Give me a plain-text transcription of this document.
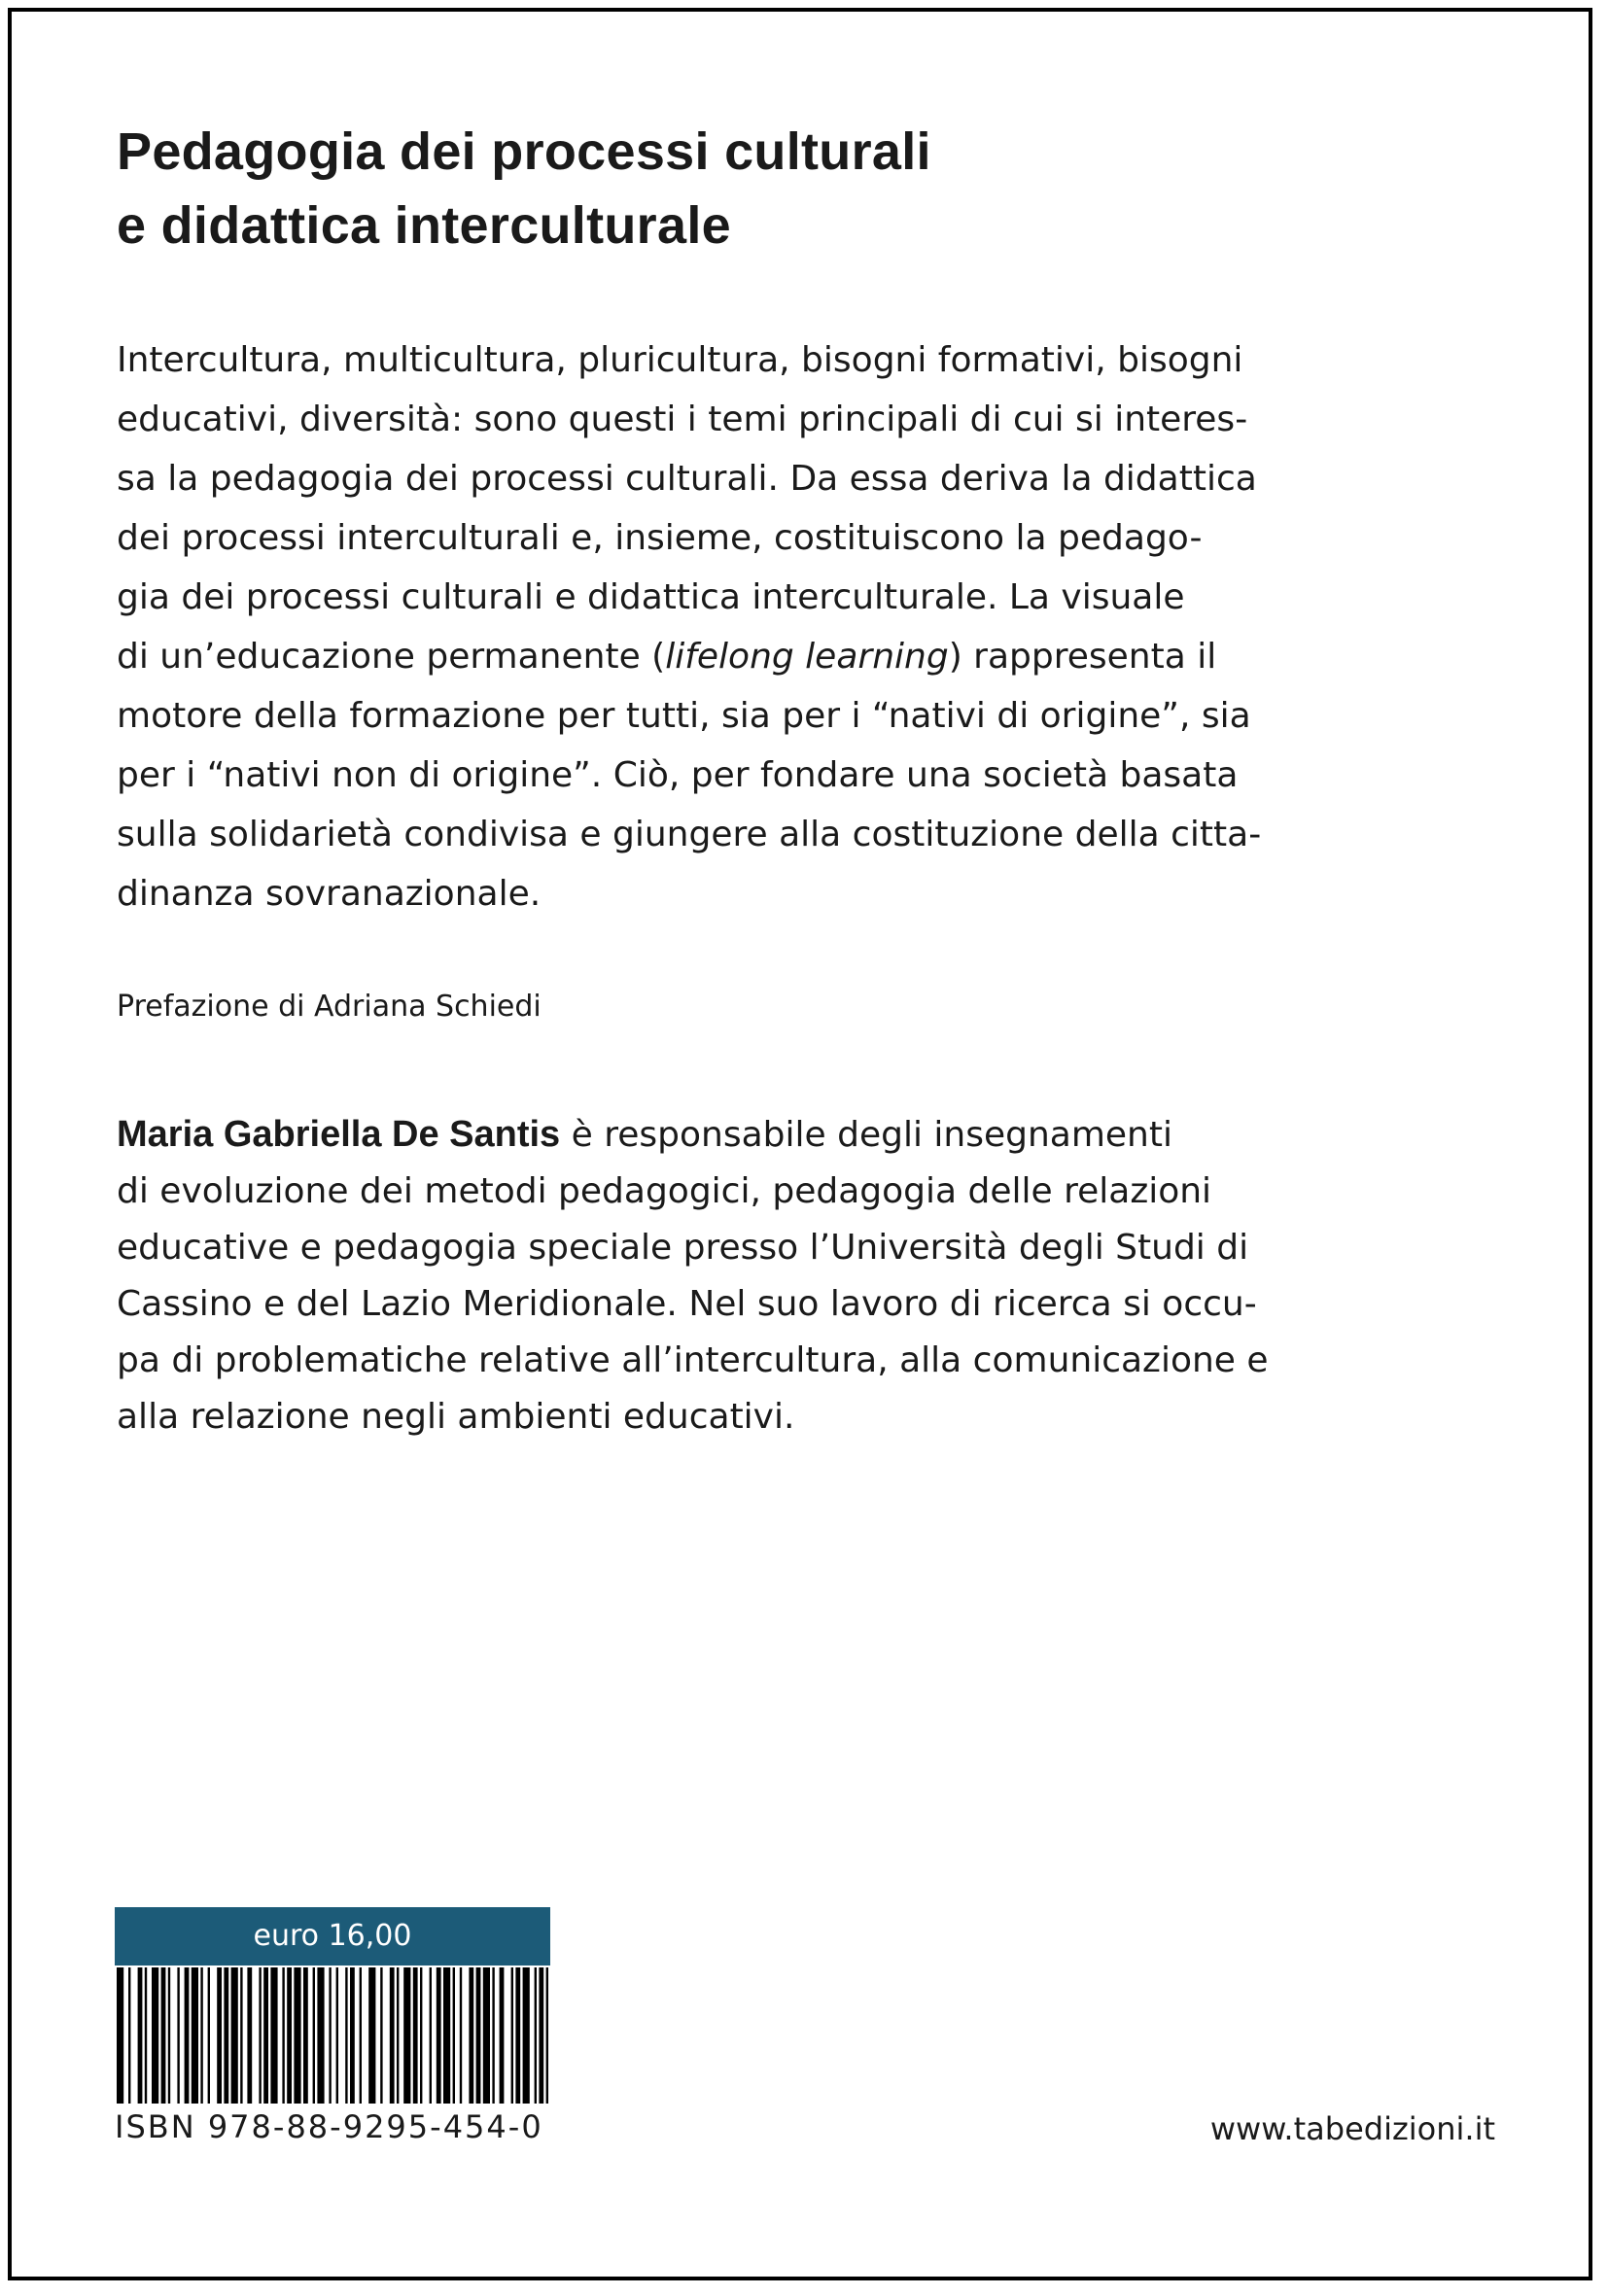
Pedagogia dei processi culturali
e didattica interculturale
Intercultura, multicultura, pluricultura, bisogni formativi, bisogni
educativi, diversità: sono questi i temi principali di cui si interes-
sa la pedagogia dei processi culturali. Da essa deriva la didattica
dei processi interculturali e, insieme, costituiscono la pedago-
gia dei processi culturali e didattica interculturale. La visuale
di un’educazione permanente (lifelong learning) rappresenta il
motore della formazione per tutti, sia per i “nativi di origine”, sia
per i “nativi non di origine”. Ciò, per fondare una società basata
sulla solidarietà condivisa e giungere alla costituzione della citta-
dinanza sovranazionale.

Prefazione di Adriana Schiedi

Maria Gabriella De Santis è responsabile degli insegnamenti
di evoluzione dei metodi pedagogici, pedagogia delle relazioni
educative e pedagogia speciale presso l’Università degli Studi di
Cassino e del Lazio Meridionale. Nel suo lavoro di ricerca si occu-
pa di problematiche relative all’intercultura, alla comunicazione e
alla relazione negli ambienti educativi.
euro 16,00

ISBN 978-88-9295-454-0	www.tabedizioni.it
